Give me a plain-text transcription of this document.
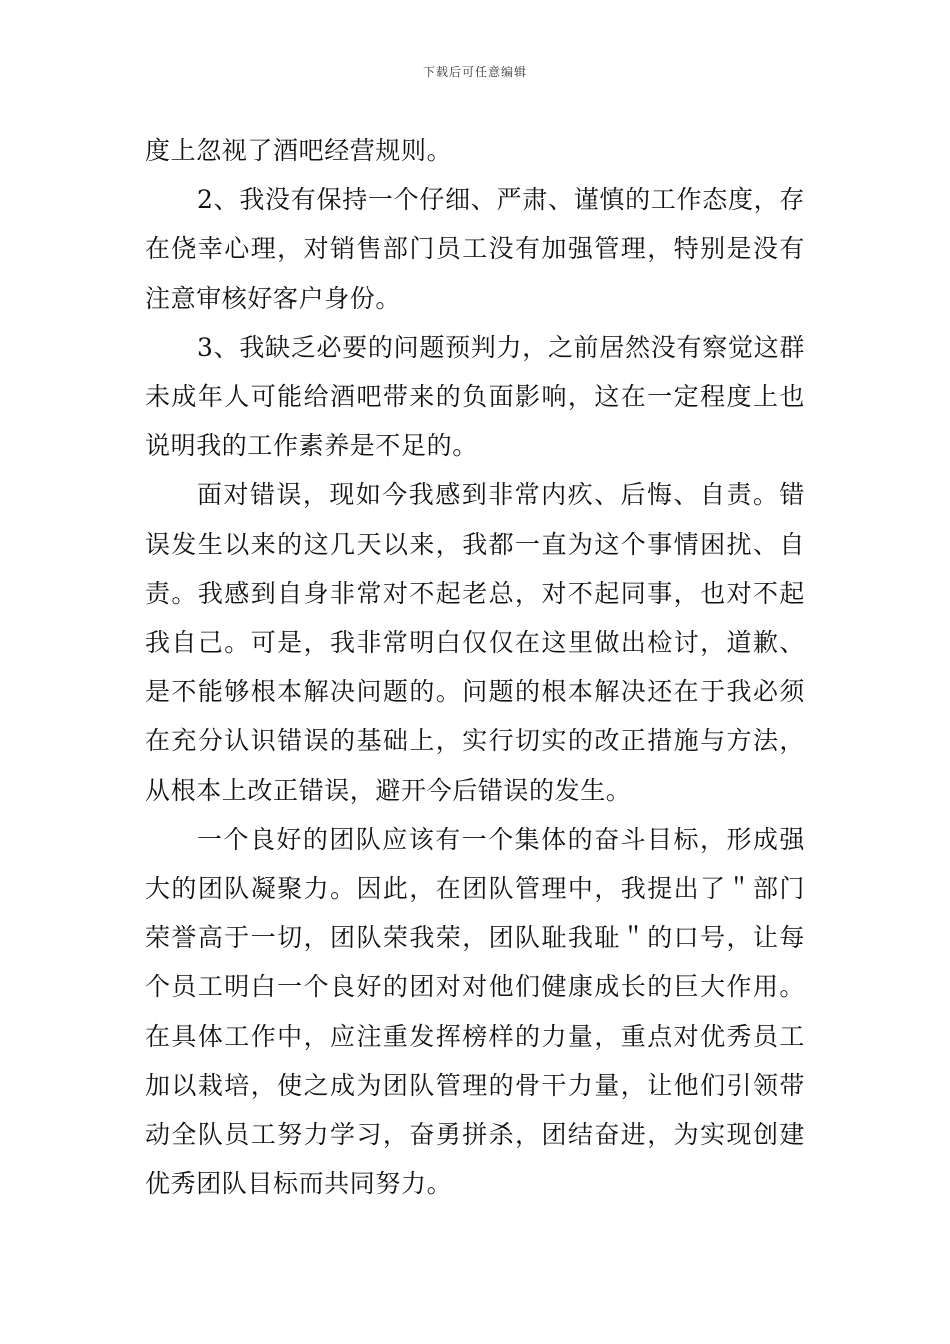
下载后可任意编辑

度上忽视了酒吧经营规则。

2、我没有保持一个仔细、严肃、谨慎的工作态度，存在侥幸心理，对销售部门员工没有加强管理，特别是没有注意审核好客户身份。

3、我缺乏必要的问题预判力，之前居然没有察觉这群未成年人可能给酒吧带来的负面影响，这在一定程度上也说明我的工作素养是不足的。

面对错误，现如今我感到非常内疚、后悔、自责。错误发生以来的这几天以来，我都一直为这个事情困扰、自责。我感到自身非常对不起老总，对不起同事，也对不起我自己。可是，我非常明白仅仅在这里做出检讨，道歉、是不能够根本解决问题的。问题的根本解决还在于我必须在充分认识错误的基础上，实行切实的改正措施与方法，从根本上改正错误，避开今后错误的发生。

一个良好的团队应该有一个集体的奋斗目标，形成强大的团队凝聚力。因此，在团队管理中，我提出了＂部门荣誉高于一切，团队荣我荣，团队耻我耻＂的口号，让每个员工明白一个良好的团对对他们健康成长的巨大作用。在具体工作中，应注重发挥榜样的力量，重点对优秀员工加以栽培，使之成为团队管理的骨干力量，让他们引领带动全队员工努力学习，奋勇拼杀，团结奋进，为实现创建优秀团队目标而共同努力。
